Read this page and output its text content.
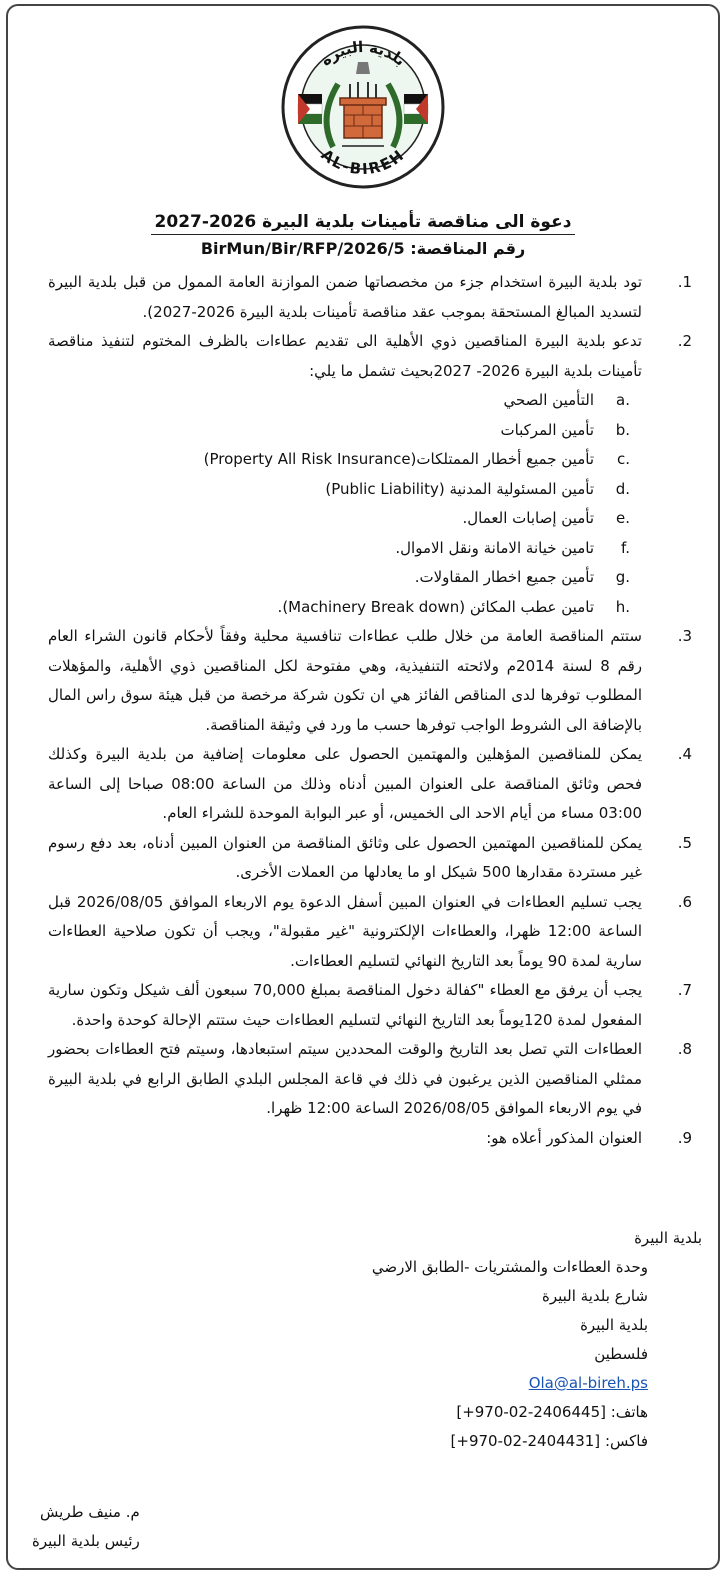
بلدية البيرة
AL-BIREH
دعوة الى مناقصة تأمينات بلدية البيرة 2026-2027
رقم المناقصة: BirMun/Bir/RFP/2026/5
.1
تود بلدية البيرة استخدام جزء من مخصصاتها ضمن الموازنة العامة الممول من قبل بلدية البيرة لتسديد المبالغ المستحقة بموجب عقد مناقصة تأمينات بلدية البيرة 2026-2027).
.2
تدعو بلدية البيرة المناقصين ذوي الأهلية الى تقديم عطاءات بالظرف المختوم لتنفيذ مناقصة تأمينات بلدية البيرة 2026- 2027بحيث تشمل ما يلي:
a.
التأمين الصحي
b.
تأمين المركبات
c.
تأمين جميع أخطار الممتلكات(Property All Risk Insurance)
d.
تأمين المسئولية المدنية (Public Liability)
e.
تأمين إصابات العمال.
f.
تامين خيانة الامانة ونقل الاموال.
g.
تأمين جميع اخطار المقاولات.
h.
تامين عطب المكائن (Machinery Break down).
.3
ستتم المناقصة العامة من خلال طلب عطاءات تنافسية محلية وفقاً لأحكام قانون الشراء العام رقم 8 لسنة 2014م ولائحته التنفيذية، وهي مفتوحة لكل المناقصين ذوي الأهلية، والمؤهلات المطلوب توفرها لدى المناقص الفائز هي ان تكون شركة مرخصة من قبل هيئة سوق راس المال بالإضافة الى الشروط الواجب توفرها حسب ما ورد في وثيقة المناقصة.
.4
يمكن للمناقصين المؤهلين والمهتمين الحصول على معلومات إضافية من بلدية البيرة وكذلك فحص وثائق المناقصة على العنوان المبين أدناه وذلك من الساعة 08:00 صباحا إلى الساعة 03:00 مساء من أيام الاحد الى الخميس، أو عبر البوابة الموحدة للشراء العام.
.5
يمكن للمناقصين المهتمين الحصول على وثائق المناقصة من العنوان المبين أدناه، بعد دفع رسوم غير مستردة مقدارها 500 شيكل او ما يعادلها من العملات الأخرى.
.6
يجب تسليم العطاءات في العنوان المبين أسفل الدعوة يوم الاربعاء الموافق 2026/08/05 قبل الساعة 12:00 ظهرا، والعطاءات الإلكترونية "غير مقبولة"، ويجب أن تكون صلاحية العطاءات سارية لمدة 90 يوماً بعد التاريخ النهائي لتسليم العطاءات.
.7
يجب أن يرفق مع العطاء "كفالة دخول المناقصة بمبلغ 70,000 سبعون ألف شيكل وتكون سارية المفعول لمدة 120يوماً بعد التاريخ النهائي لتسليم العطاءات حيث ستتم الإحالة كوحدة واحدة.
.8
العطاءات التي تصل بعد التاريخ والوقت المحددين سيتم استبعادها، وسيتم فتح العطاءات بحضور ممثلي المناقصين الذين يرغبون في ذلك في قاعة المجلس البلدي الطابق الرابع في بلدية البيرة في يوم الاربعاء الموافق 2026/08/05 الساعة 12:00 ظهرا.
.9
العنوان المذكور أعلاه هو:
بلدية البيرة
وحدة العطاءات والمشتريات -الطابق الارضي
شارع بلدية البيرة
بلدية البيرة
فلسطين
Ola@al-bireh.ps
هاتف: [+970-02-2406445]
فاكس: [+970-02-2404431]
م. منيف طريش
رئيس بلدية البيرة
